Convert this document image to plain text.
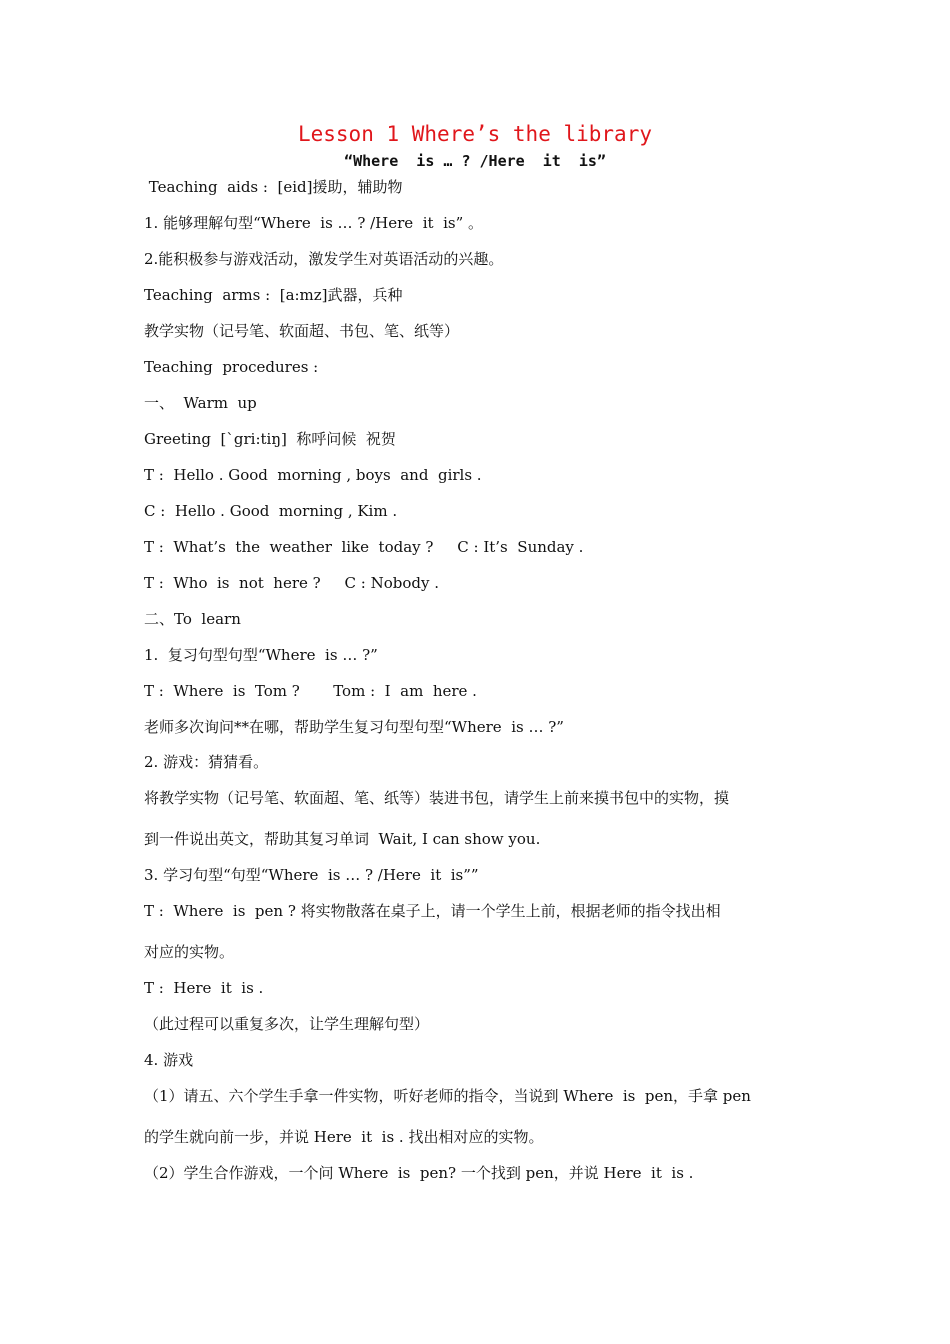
Lesson 1 Where’s the library
“Where  is … ? /Here  it  is”
Teaching  aids :  [eid]援助，辅助物
1. 能够理解句型“Where  is … ? /Here  it  is” 。
2.能积极参与游戏活动，激发学生对英语活动的兴趣。
Teaching  arms :  [a:mz]武器，兵种
教学实物（记号笔、软面超、书包、笔、纸等）
Teaching  procedures :
一、  Warm  up
Greeting  [`gri:tiŋ]  称呼问候  祝贺
T :  Hello . Good  morning , boys  and  girls .
C :  Hello . Good  morning , Kim .
T :  What’s  the  weather  like  today ?     C : It’s  Sunday .
T :  Who  is  not  here ?     C : Nobody .
二、To  learn
1.  复习句型句型“Where  is … ?”
T :  Where  is  Tom ?       Tom :  I  am  here .
老师多次询问**在哪，帮助学生复习句型句型“Where  is … ?”
2. 游戏：猜猜看。
将教学实物（记号笔、软面超、笔、纸等）装进书包，请学生上前来摸书包中的实物，摸
到一件说出英文，帮助其复习单词  Wait, I can show you.
3. 学习句型“句型“Where  is … ? /Here  it  is””
T :  Where  is  pen ? 将实物散落在桌子上，请一个学生上前，根据老师的指令找出相
对应的实物。
T :  Here  it  is .
（此过程可以重复多次，让学生理解句型）
4. 游戏
（1）请五、六个学生手拿一件实物，听好老师的指令，当说到 Where  is  pen，手拿 pen
的学生就向前一步，并说 Here  it  is . 找出相对应的实物。
（2）学生合作游戏，一个问 Where  is  pen? 一个找到 pen，并说 Here  it  is .
